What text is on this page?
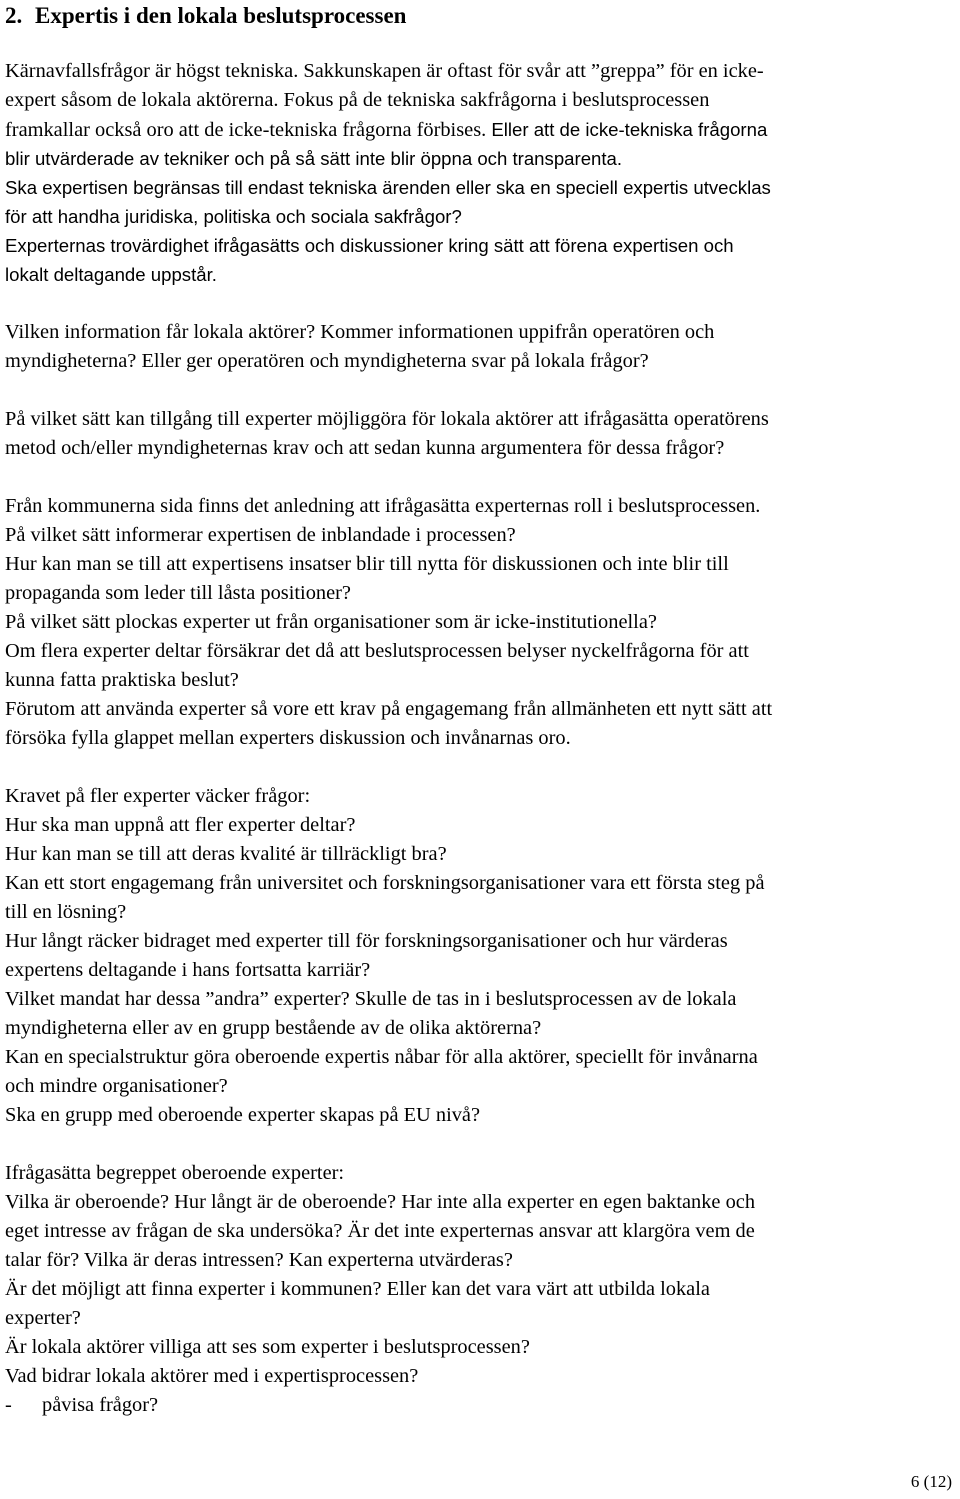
2. Expertis i den lokala beslutsprocessen
Kärnavfallsfrågor är högst tekniska. Sakkunskapen är oftast för svår att ”greppa” för en icke-
expert såsom de lokala aktörerna. Fokus på de tekniska sakfrågorna i beslutsprocessen
framkallar också oro att de icke-tekniska frågorna förbises. Eller att de icke-tekniska frågorna
blir utvärderade av tekniker och på så sätt inte blir öppna och transparenta.
Ska expertisen begränsas till endast tekniska ärenden eller ska en speciell expertis utvecklas
för att handha juridiska, politiska och sociala sakfrågor?
Experternas trovärdighet ifrågasätts och diskussioner kring sätt att förena expertisen och
lokalt deltagande uppstår.
Vilken information får lokala aktörer? Kommer informationen uppifrån operatören och
myndigheterna? Eller ger operatören och myndigheterna svar på lokala frågor?
På vilket sätt kan tillgång till experter möjliggöra för lokala aktörer att ifrågasätta operatörens
metod och/eller myndigheternas krav och att sedan kunna argumentera för dessa frågor?
Från kommunerna sida finns det anledning att ifrågasätta experternas roll i beslutsprocessen.
På vilket sätt informerar expertisen de inblandade i processen?
Hur kan man se till att expertisens insatser blir till nytta för diskussionen och inte blir till
propaganda som leder till låsta positioner?
På vilket sätt plockas experter ut från organisationer som är icke-institutionella?
Om flera experter deltar försäkrar det då att beslutsprocessen belyser nyckelfrågorna för att
kunna fatta praktiska beslut?
Förutom att använda experter så vore ett krav på engagemang från allmänheten ett nytt sätt att
försöka fylla glappet mellan experters diskussion och invånarnas oro.
Kravet på fler experter väcker frågor:
Hur ska man uppnå att fler experter deltar?
Hur kan man se till att deras kvalité är tillräckligt bra?
Kan ett stort engagemang från universitet och forskningsorganisationer vara ett första steg på
till en lösning?
Hur långt räcker bidraget med experter till för forskningsorganisationer och hur värderas
expertens deltagande i hans fortsatta karriär?
Vilket mandat har dessa ”andra” experter? Skulle de tas in i beslutsprocessen av de lokala
myndigheterna eller av en grupp bestående av de olika aktörerna?
Kan en specialstruktur göra oberoende expertis nåbar för alla aktörer, speciellt för invånarna
och mindre organisationer?
Ska en grupp med oberoende experter skapas på EU nivå?
Ifrågasätta begreppet oberoende experter:
Vilka är oberoende? Hur långt är de oberoende? Har inte alla experter en egen baktanke och
eget intresse av frågan de ska undersöka? Är det inte experternas ansvar att klargöra vem de
talar för? Vilka är deras intressen? Kan experterna utvärderas?
Är det möjligt att finna experter i kommunen? Eller kan det vara värt att utbilda lokala
experter?
Är lokala aktörer villiga att ses som experter i beslutsprocessen?
Vad bidrar lokala aktörer med i expertisprocessen?
- påvisa frågor?
6 (12)
